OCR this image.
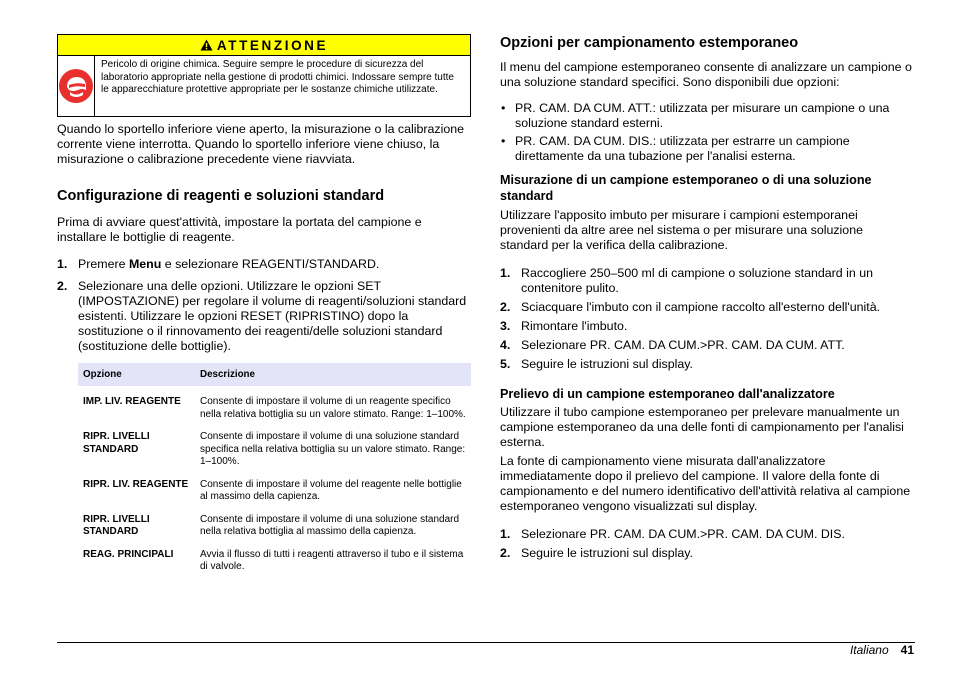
ATTENZIONE
Pericolo di origine chimica. Seguire sempre le procedure di sicurezza del laboratorio appropriate nella gestione di prodotti chimici. Indossare sempre tutte le apparecchiature protettive appropriate per le sostanze chimiche utilizzate.

Quando lo sportello inferiore viene aperto, la misurazione o la calibrazione corrente viene interrotta. Quando lo sportello inferiore viene chiuso, la misurazione o calibrazione precedente viene riavviata.

Configurazione di reagenti e soluzioni standard

Prima di avviare quest'attività, impostare la portata del campione e installare le bottiglie di reagente.

1. Premere Menu e selezionare REAGENTI/STANDARD.
2. Selezionare una delle opzioni. Utilizzare le opzioni SET (IMPOSTAZIONE) per regolare il volume di reagenti/soluzioni standard esistenti. Utilizzare le opzioni RESET (RIPRISTINO) dopo la sostituzione o il rinnovamento dei reagenti/delle soluzioni standard (sostituzione delle bottiglie).
Opzione	Descrizione
IMP. LIV. REAGENTE	Consente di impostare il volume di un reagente specifico nella relativa bottiglia su un valore stimato. Range: 1–100%.
RIPR. LIVELLI STANDARD	Consente di impostare il volume di una soluzione standard specifica nella relativa bottiglia su un valore stimato. Range: 1–100%.
RIPR. LIV. REAGENTE	Consente di impostare il volume del reagente nelle bottiglie al massimo della capienza.
RIPR. LIVELLI STANDARD	Consente di impostare il volume di una soluzione standard nella relativa bottiglia al massimo della capienza.
REAG. PRINCIPALI	Avvia il flusso di tutti i reagenti attraverso il tubo e il sistema di valvole.
Opzioni per campionamento estemporaneo

Il menu del campione estemporaneo consente di analizzare un campione o una soluzione standard specifici. Sono disponibili due opzioni:

• PR. CAM. DA CUM. ATT.: utilizzata per misurare un campione o una soluzione standard esterni.
• PR. CAM. DA CUM. DIS.: utilizzata per estrarre un campione direttamente da una tubazione per l'analisi esterna.
Misurazione di un campione estemporaneo o di una soluzione standard

Utilizzare l'apposito imbuto per misurare i campioni estemporanei provenienti da altre aree nel sistema o per misurare una soluzione standard per la verifica della calibrazione.

1. Raccogliere 250–500 ml di campione o soluzione standard in un contenitore pulito.
2. Sciacquare l'imbuto con il campione raccolto all'esterno dell'unità.
3. Rimontare l'imbuto.
4. Selezionare PR. CAM. DA CUM.>PR. CAM. DA CUM. ATT.
5. Seguire le istruzioni sul display.
Prelievo di un campione estemporaneo dall'analizzatore

Utilizzare il tubo campione estemporaneo per prelevare manualmente un campione estemporaneo da una delle fonti di campionamento per l'analisi esterna.

La fonte di campionamento viene misurata dall'analizzatore immediatamente dopo il prelievo del campione. Il valore della fonte di campionamento e del numero identificativo dell'attività relativa al campione estemporaneo vengono visualizzati sul display.

1. Selezionare PR. CAM. DA CUM.>PR. CAM. DA CUM. DIS.
2. Seguire le istruzioni sul display.
Italiano 41
